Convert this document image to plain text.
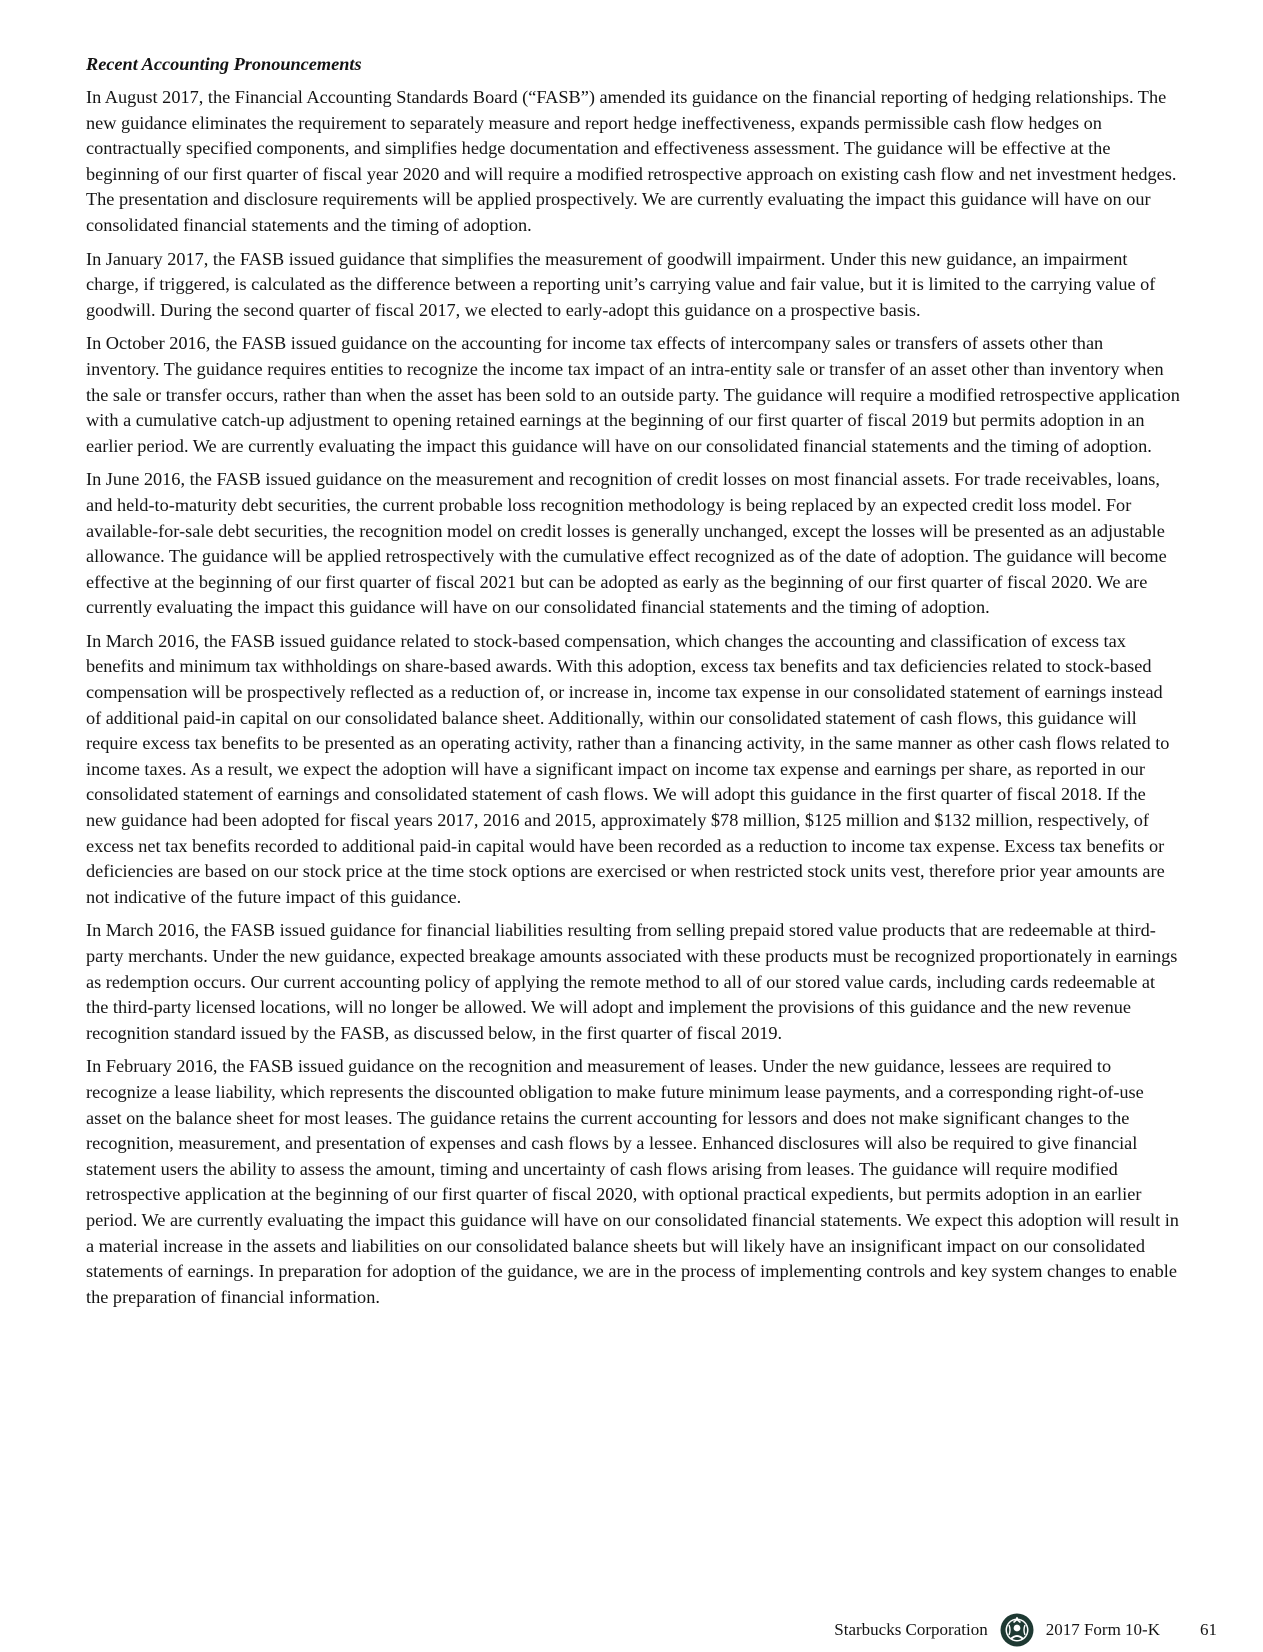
Recent Accounting Pronouncements

In August 2017, the Financial Accounting Standards Board (“FASB”) amended its guidance on the financial reporting of hedging relationships. The new guidance eliminates the requirement to separately measure and report hedge ineffectiveness, expands permissible cash flow hedges on contractually specified components, and simplifies hedge documentation and effectiveness assessment. The guidance will be effective at the beginning of our first quarter of fiscal year 2020 and will require a modified retrospective approach on existing cash flow and net investment hedges. The presentation and disclosure requirements will be applied prospectively. We are currently evaluating the impact this guidance will have on our consolidated financial statements and the timing of adoption.

In January 2017, the FASB issued guidance that simplifies the measurement of goodwill impairment. Under this new guidance, an impairment charge, if triggered, is calculated as the difference between a reporting unit’s carrying value and fair value, but it is limited to the carrying value of goodwill. During the second quarter of fiscal 2017, we elected to early-adopt this guidance on a prospective basis.

In October 2016, the FASB issued guidance on the accounting for income tax effects of intercompany sales or transfers of assets other than inventory. The guidance requires entities to recognize the income tax impact of an intra-entity sale or transfer of an asset other than inventory when the sale or transfer occurs, rather than when the asset has been sold to an outside party. The guidance will require a modified retrospective application with a cumulative catch-up adjustment to opening retained earnings at the beginning of our first quarter of fiscal 2019 but permits adoption in an earlier period. We are currently evaluating the impact this guidance will have on our consolidated financial statements and the timing of adoption.

In June 2016, the FASB issued guidance on the measurement and recognition of credit losses on most financial assets. For trade receivables, loans, and held-to-maturity debt securities, the current probable loss recognition methodology is being replaced by an expected credit loss model. For available-for-sale debt securities, the recognition model on credit losses is generally unchanged, except the losses will be presented as an adjustable allowance. The guidance will be applied retrospectively with the cumulative effect recognized as of the date of adoption. The guidance will become effective at the beginning of our first quarter of fiscal 2021 but can be adopted as early as the beginning of our first quarter of fiscal 2020. We are currently evaluating the impact this guidance will have on our consolidated financial statements and the timing of adoption.

In March 2016, the FASB issued guidance related to stock-based compensation, which changes the accounting and classification of excess tax benefits and minimum tax withholdings on share-based awards. With this adoption, excess tax benefits and tax deficiencies related to stock-based compensation will be prospectively reflected as a reduction of, or increase in, income tax expense in our consolidated statement of earnings instead of additional paid-in capital on our consolidated balance sheet. Additionally, within our consolidated statement of cash flows, this guidance will require excess tax benefits to be presented as an operating activity, rather than a financing activity, in the same manner as other cash flows related to income taxes. As a result, we expect the adoption will have a significant impact on income tax expense and earnings per share, as reported in our consolidated statement of earnings and consolidated statement of cash flows. We will adopt this guidance in the first quarter of fiscal 2018. If the new guidance had been adopted for fiscal years 2017, 2016 and 2015, approximately $78 million, $125 million and $132 million, respectively, of excess net tax benefits recorded to additional paid-in capital would have been recorded as a reduction to income tax expense. Excess tax benefits or deficiencies are based on our stock price at the time stock options are exercised or when restricted stock units vest, therefore prior year amounts are not indicative of the future impact of this guidance.

In March 2016, the FASB issued guidance for financial liabilities resulting from selling prepaid stored value products that are redeemable at third-party merchants. Under the new guidance, expected breakage amounts associated with these products must be recognized proportionately in earnings as redemption occurs. Our current accounting policy of applying the remote method to all of our stored value cards, including cards redeemable at the third-party licensed locations, will no longer be allowed. We will adopt and implement the provisions of this guidance and the new revenue recognition standard issued by the FASB, as discussed below, in the first quarter of fiscal 2019.

In February 2016, the FASB issued guidance on the recognition and measurement of leases. Under the new guidance, lessees are required to recognize a lease liability, which represents the discounted obligation to make future minimum lease payments, and a corresponding right-of-use asset on the balance sheet for most leases. The guidance retains the current accounting for lessors and does not make significant changes to the recognition, measurement, and presentation of expenses and cash flows by a lessee. Enhanced disclosures will also be required to give financial statement users the ability to assess the amount, timing and uncertainty of cash flows arising from leases. The guidance will require modified retrospective application at the beginning of our first quarter of fiscal 2020, with optional practical expedients, but permits adoption in an earlier period. We are currently evaluating the impact this guidance will have on our consolidated financial statements. We expect this adoption will result in a material increase in the assets and liabilities on our consolidated balance sheets but will likely have an insignificant impact on our consolidated statements of earnings. In preparation for adoption of the guidance, we are in the process of implementing controls and key system changes to enable the preparation of financial information.

Starbucks Corporation	2017 Form 10-K 61
